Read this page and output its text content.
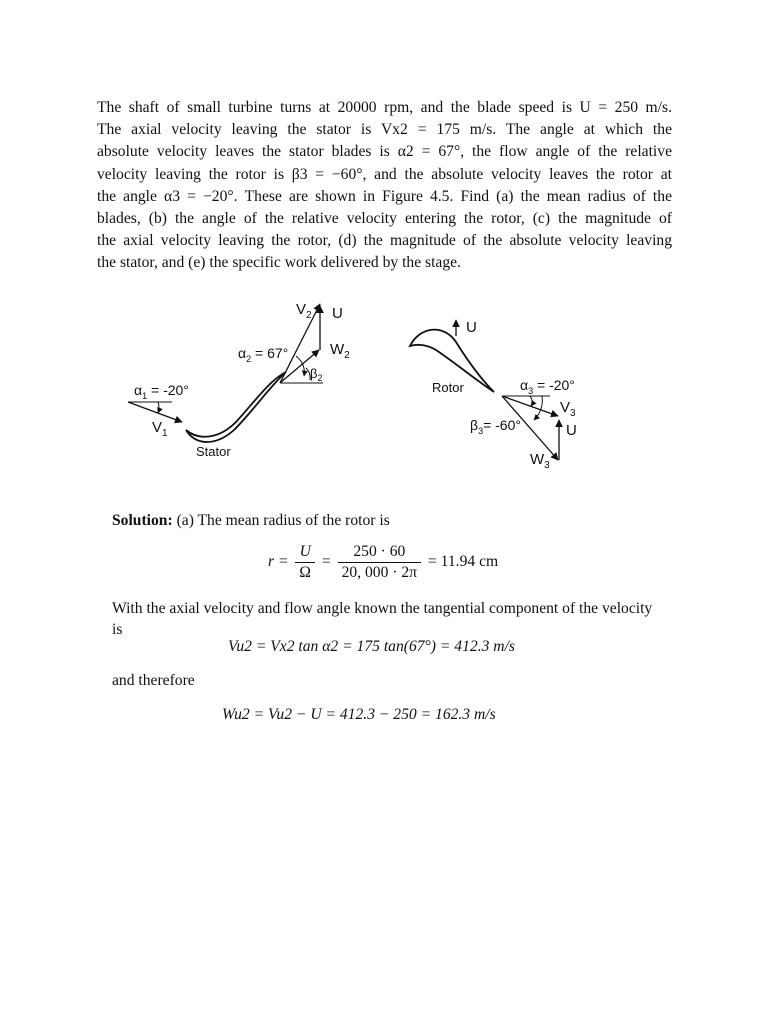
The shaft of small turbine turns at 20000 rpm, and the blade speed is U = 250 m/s.
The axial velocity leaving the stator is Vx2 = 175 m/s. The angle at which the
absolute velocity leaves the stator blades is α2 = 67°, the flow angle of the relative
velocity leaving the rotor is β3 = −60°, and the absolute velocity leaves the rotor at
the angle α3 = −20°. These are shown in Figure 4.5. Find (a) the mean radius of the
blades, (b) the angle of the relative velocity entering the rotor, (c) the magnitude of
the axial velocity leaving the rotor, (d) the magnitude of the absolute velocity leaving
the stator, and (e) the specific work delivered by the stage.
$V_2$ U
$\alpha_2 = 67^\circ$	$W_2$
$\beta_2$
$\alpha_1 = -20^\circ$
$V_1$
Stator
U
Rotor	$\alpha_3 = -20^\circ$
$V_3$
$\beta_3= -60^\circ$	U
$W_3$
Solution: (a) The mean radius of the rotor is
$r = \frac{U}{\Omega} = \frac{250 \cdot 60}{20, 000 \cdot 2\pi} = 11.94$ cm
With the axial velocity and flow angle known the tangential component of the velocity
is
Vu2 = Vx2 tan α2 = 175 tan(67°) = 412.3 m/s
and therefore
Wu2 = Vu2 − U = 412.3 − 250 = 162.3 m/s
